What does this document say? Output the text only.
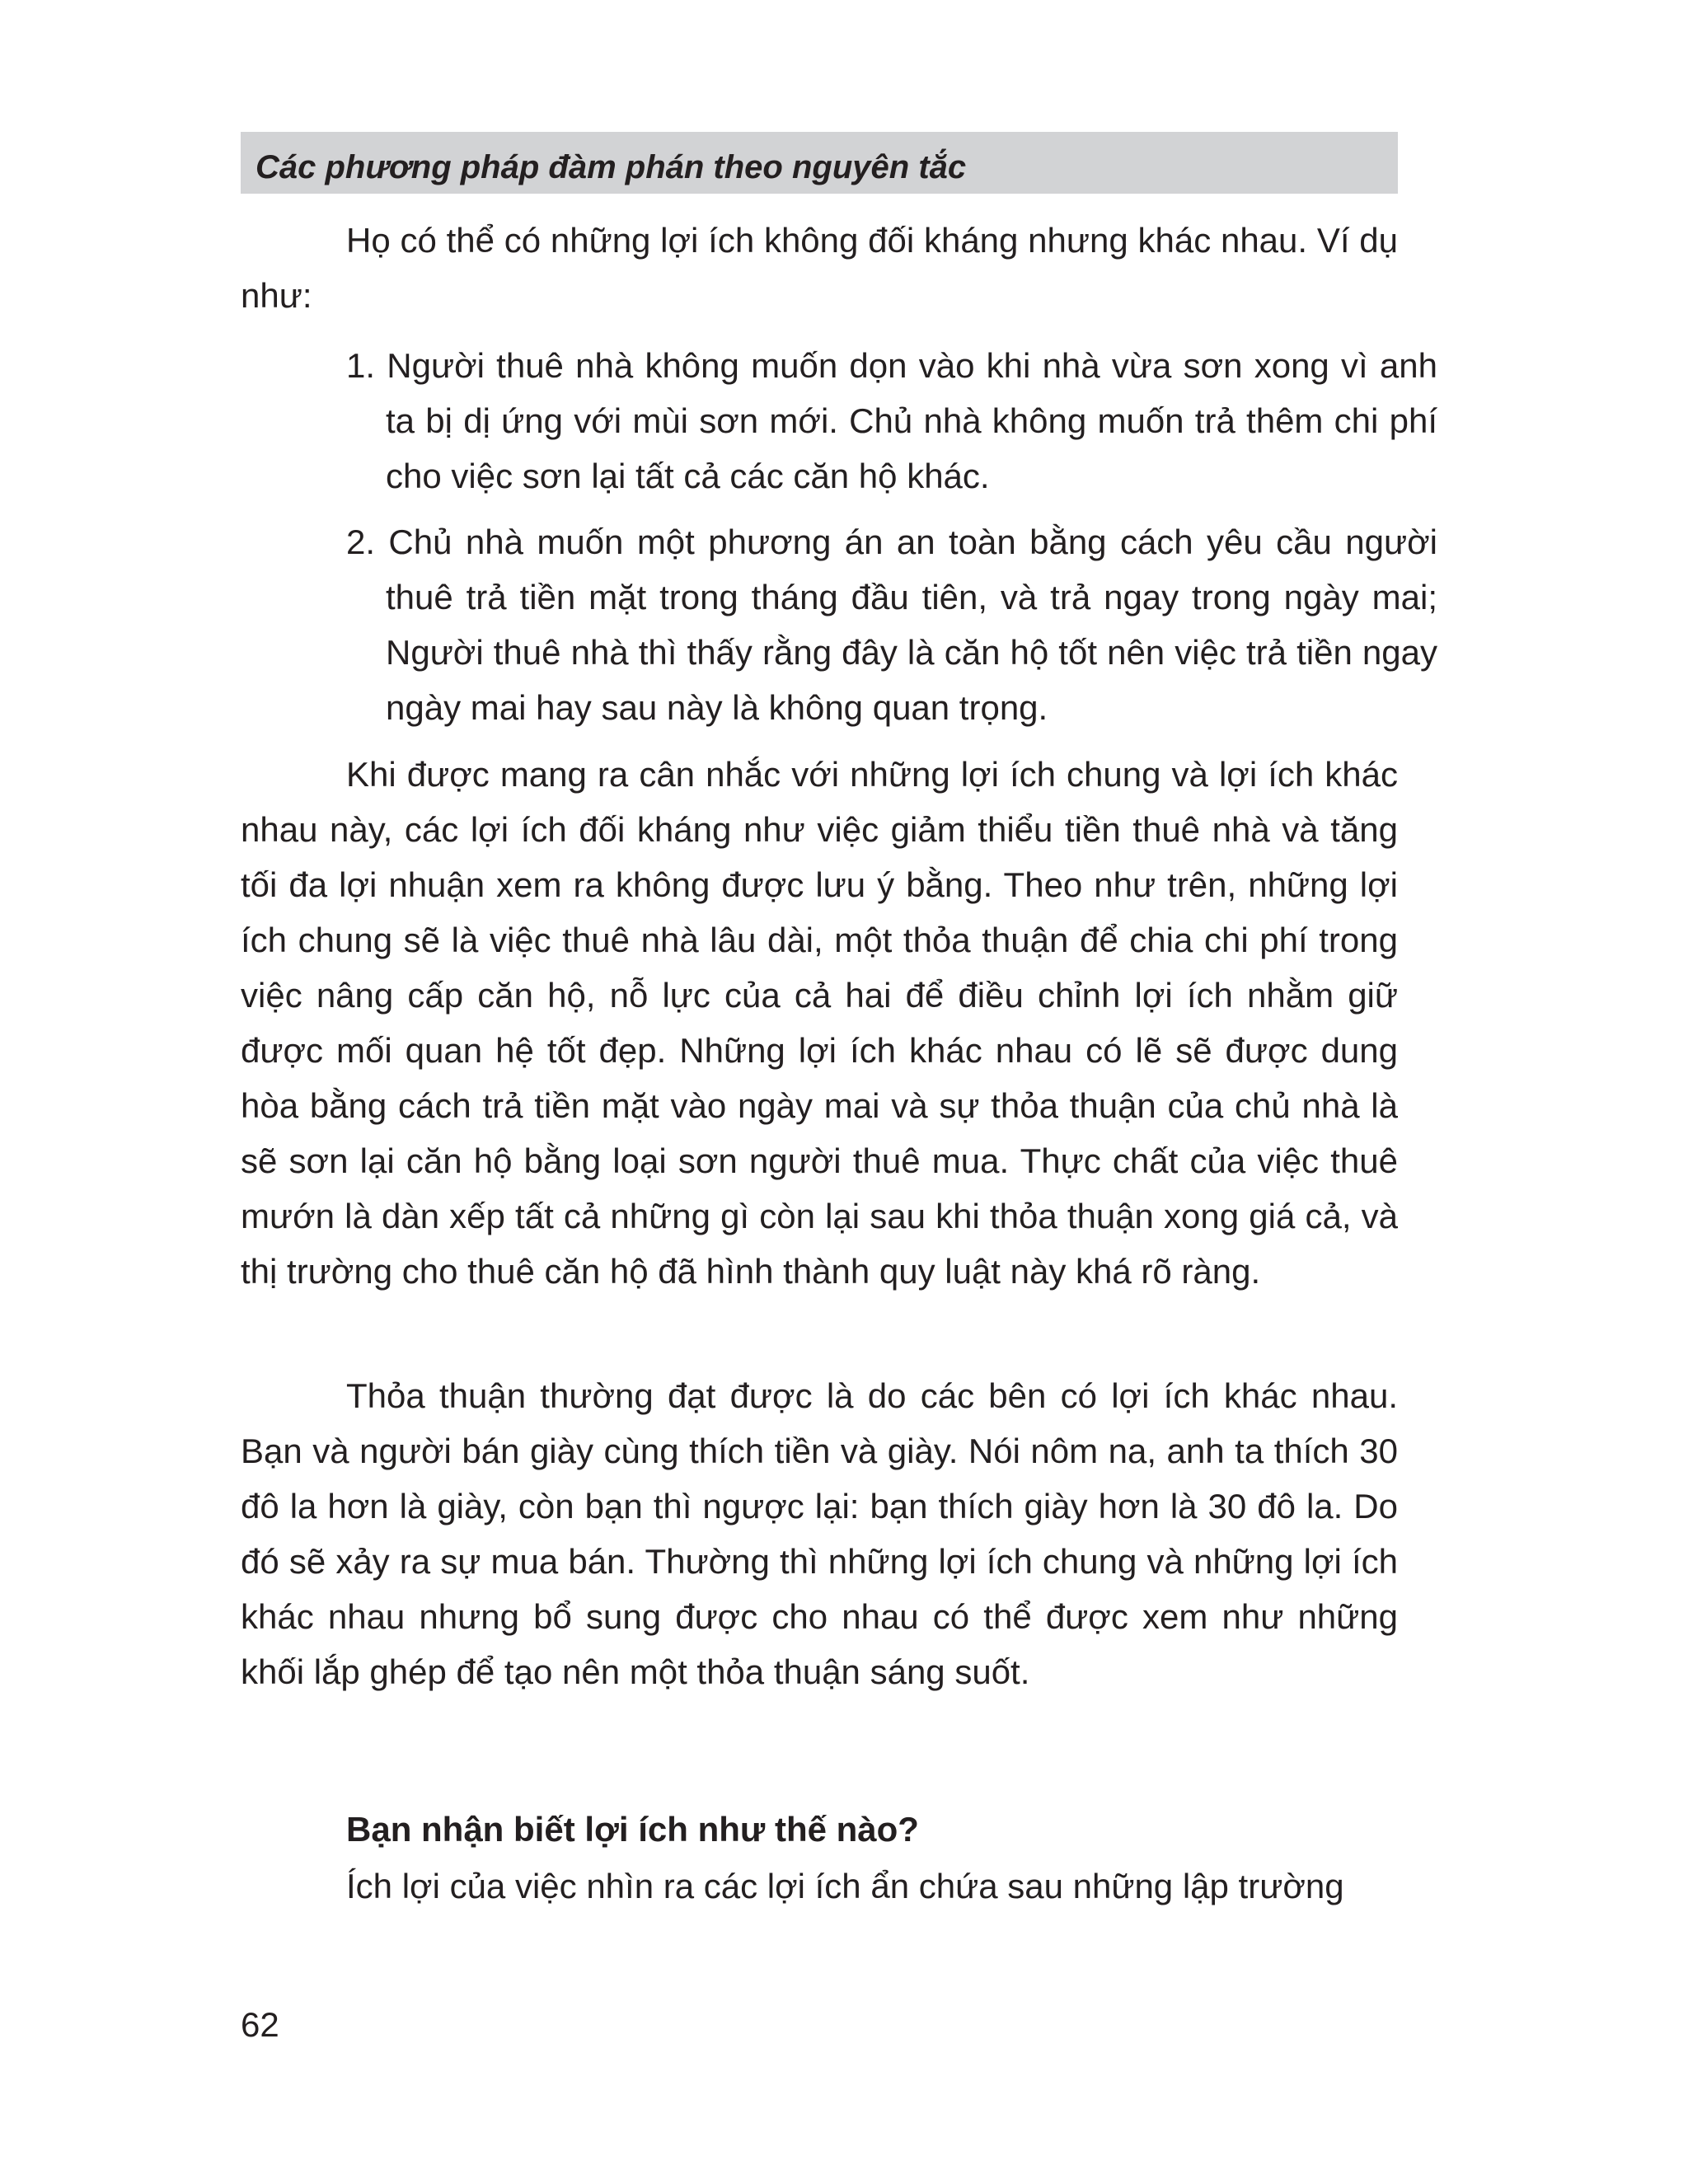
Các phương pháp đàm phán theo nguyên tắc

Họ có thể có những lợi ích không đối kháng nhưng khác nhau. Ví dụ như:

1. Người thuê nhà không muốn dọn vào khi nhà vừa sơn xong vì anh ta bị dị ứng với mùi sơn mới. Chủ nhà không muốn trả thêm chi phí cho việc sơn lại tất cả các căn hộ khác.

2. Chủ nhà muốn một phương án an toàn bằng cách yêu cầu người thuê trả tiền mặt trong tháng đầu tiên, và trả ngay trong ngày mai; Người thuê nhà thì thấy rằng đây là căn hộ tốt nên việc trả tiền ngay ngày mai hay sau này là không quan trọng.

Khi được mang ra cân nhắc với những lợi ích chung và lợi ích khác nhau này, các lợi ích đối kháng như việc giảm thiểu tiền thuê nhà và tăng tối đa lợi nhuận xem ra không được lưu ý bằng. Theo như trên, những lợi ích chung sẽ là việc thuê nhà lâu dài, một thỏa thuận để chia chi phí trong việc nâng cấp căn hộ, nỗ lực của cả hai để điều chỉnh lợi ích nhằm giữ được mối quan hệ tốt đẹp. Những lợi ích khác nhau có lẽ sẽ được dung hòa bằng cách trả tiền mặt vào ngày mai và sự thỏa thuận của chủ nhà là sẽ sơn lại căn hộ bằng loại sơn người thuê mua. Thực chất của việc thuê mướn là dàn xếp tất cả những gì còn lại sau khi thỏa thuận xong giá cả, và thị trường cho thuê căn hộ đã hình thành quy luật này khá rõ ràng.

Thỏa thuận thường đạt được là do các bên có lợi ích khác nhau. Bạn và người bán giày cùng thích tiền và giày. Nói nôm na, anh ta thích 30 đô la hơn là giày, còn bạn thì ngược lại: bạn thích giày hơn là 30 đô la. Do đó sẽ xảy ra sự mua bán. Thường thì những lợi ích chung và những lợi ích khác nhau nhưng bổ sung được cho nhau có thể được xem như những khối lắp ghép để tạo nên một thỏa thuận sáng suốt.

Bạn nhận biết lợi ích như thế nào?

Ích lợi của việc nhìn ra các lợi ích ẩn chứa sau những lập trường

62
